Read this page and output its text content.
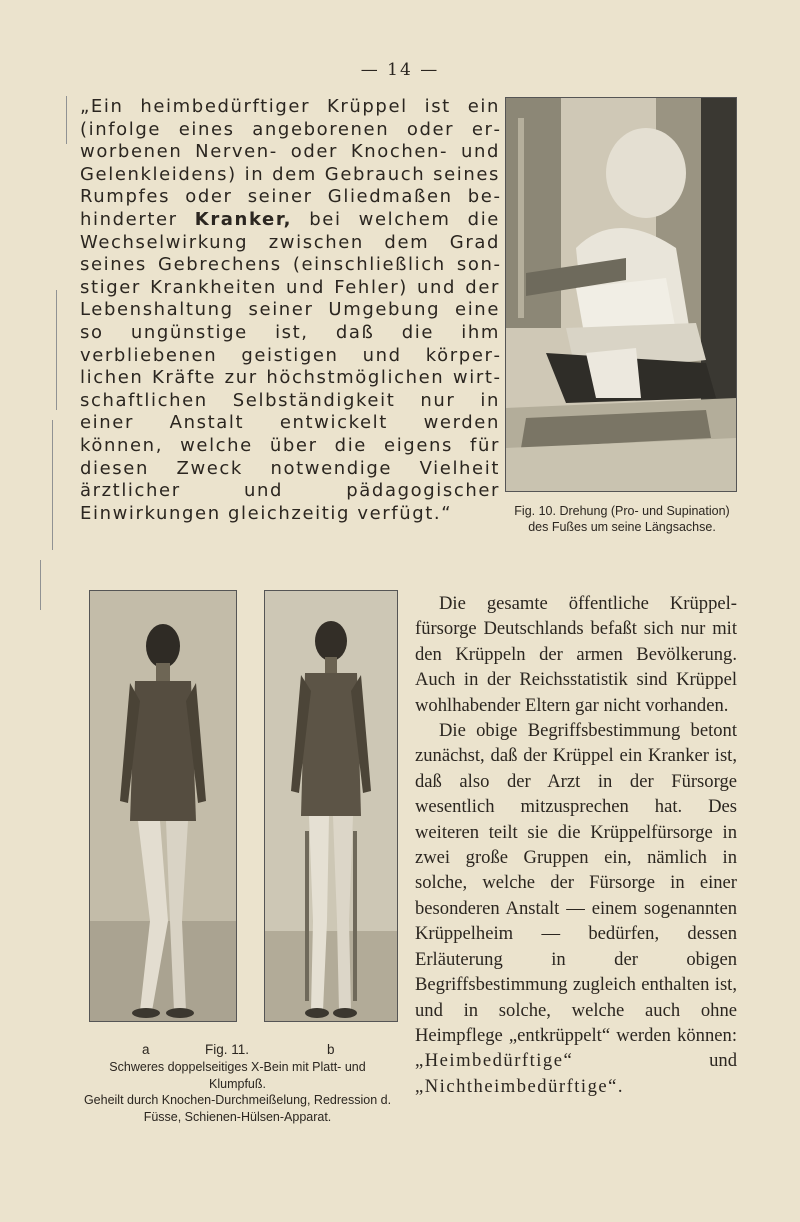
— 14 —

„Ein heimbedürftiger Krüppel ist ein (infolge eines angeborenen oder erworbenen Nerven- oder Knochen- und Gelenkleidens) in dem Gebrauch seines Rumpfes oder seiner Gliedmaßen behinderter Kranker, bei welchem die Wechselwirkung zwischen dem Grad seines Gebrechens (einschließlich sonstiger Krankheiten und Fehler) und der Lebenshaltung seiner Umgebung eine so ungünstige ist, daß die ihm verbliebenen geistigen und körperlichen Kräfte zur höchstmöglichen wirtschaftlichen Selbständigkeit nur in einer Anstalt entwickelt werden können, welche über die eigens für diesen Zweck notwendige Vielheit ärztlicher und pädagogischer Einwirkungen gleichzeitig verfügt.“	Fig. 10. Drehung (Pro- und Supination) des Fußes um seine Längsachse.
a	Fig. 11.	b
Schweres doppelseitiges X-Bein mit Platt- und Klumpfuß.
Geheilt durch Knochen-Durchmeißelung, Redression d. Füsse, Schienen-Hülsen-Apparat.

Die gesamte öffentliche Krüppelfürsorge Deutschlands befaßt sich nur mit den Krüppeln der armen Bevölkerung. Auch in der Reichsstatistik sind Krüppel wohlhabender Eltern gar nicht vorhanden.

Die obige Begriffsbestimmung betont zunächst, daß der Krüppel ein Kranker ist, daß also der Arzt in der Fürsorge wesentlich mitzusprechen hat. Des weiteren teilt sie die Krüppelfürsorge in zwei große Gruppen ein, nämlich in solche, welche der Fürsorge in einer besonderen Anstalt — einem sogenannten Krüppelheim — bedürfen, dessen Erläuterung in der obigen Begriffsbestimmung zugleich enthalten ist, und in solche, welche auch ohne Heimpflege „entkrüppelt“ werden können: „Heimbedürftige“ und „Nichtheimbedürftige“.
